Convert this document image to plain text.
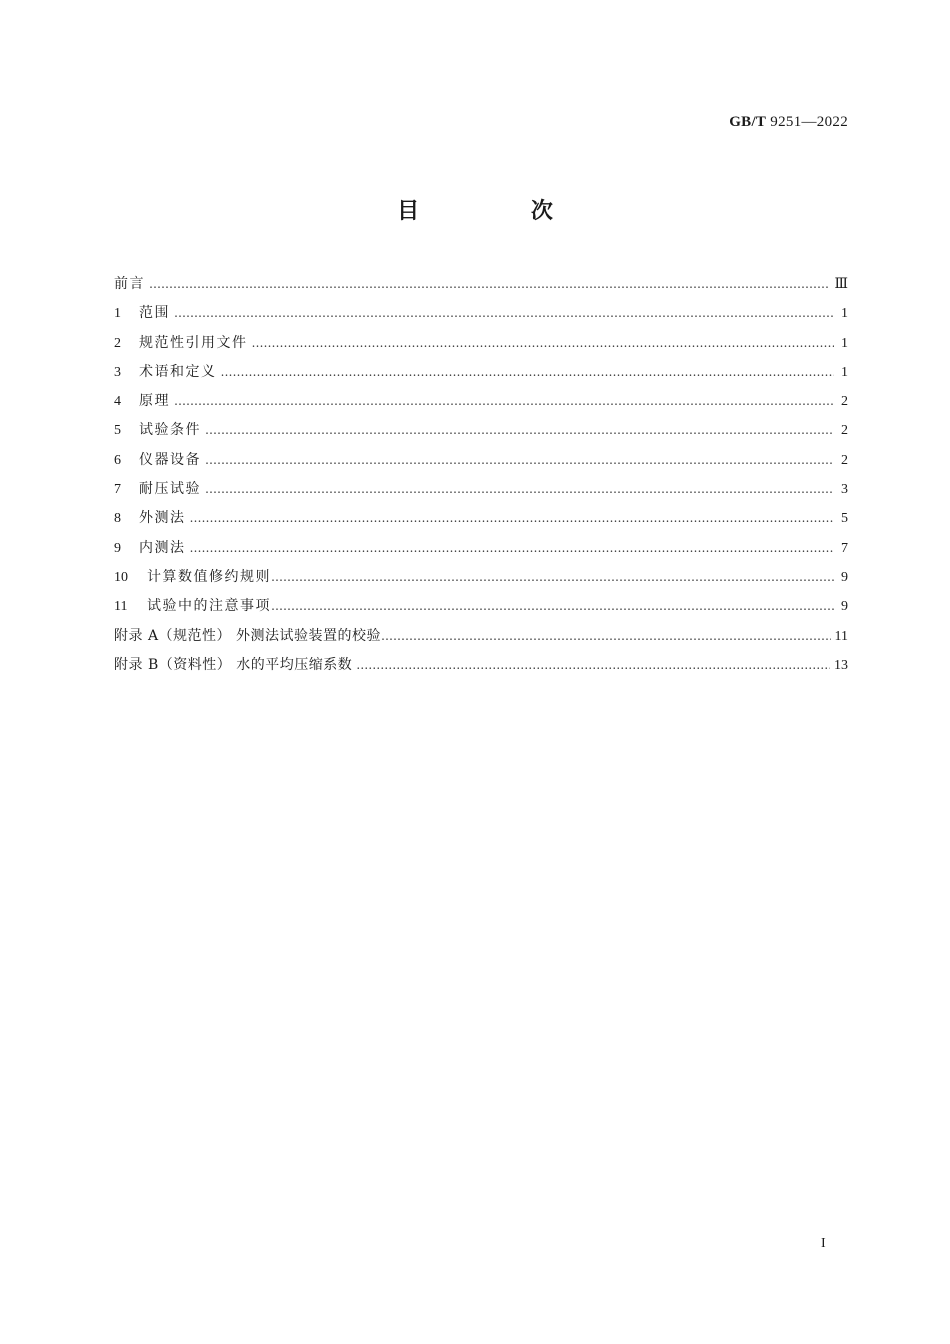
GB/T 9251—2022
目 次
前言 …………………………………………………………………………………………………………………………………………………………………………………………………………………………………………	Ⅲ
1	范围 …………………………………………………………………………………………………………………………………………………………………………………………………………………………………………	1
2	规范性引用文件 …………………………………………………………………………………………………………………………………………………………………………………………………………………………………………	1
3	术语和定义 …………………………………………………………………………………………………………………………………………………………………………………………………………………………………………	1
4	原理 …………………………………………………………………………………………………………………………………………………………………………………………………………………………………………	2
5	试验条件 …………………………………………………………………………………………………………………………………………………………………………………………………………………………………………	2
6	仪器设备 …………………………………………………………………………………………………………………………………………………………………………………………………………………………………………	2
7	耐压试验 …………………………………………………………………………………………………………………………………………………………………………………………………………………………………………	3
8	外测法 …………………………………………………………………………………………………………………………………………………………………………………………………………………………………………	5
9	内测法 …………………………………………………………………………………………………………………………………………………………………………………………………………………………………………	7
10	计算数值修约规则 …………………………………………………………………………………………………………………………………………………………………………………………………………………………………………	9
11	试验中的注意事项 …………………………………………………………………………………………………………………………………………………………………………………………………………………………………………	9
附录 A（规范性） 外测法试验装置的校验 …………………………………………………………………………………………………………………………………………………………………………………………………………………………………………	11
附录 B（资料性） 水的平均压缩系数 …………………………………………………………………………………………………………………………………………………………………………………………………………………………………………	13
I
